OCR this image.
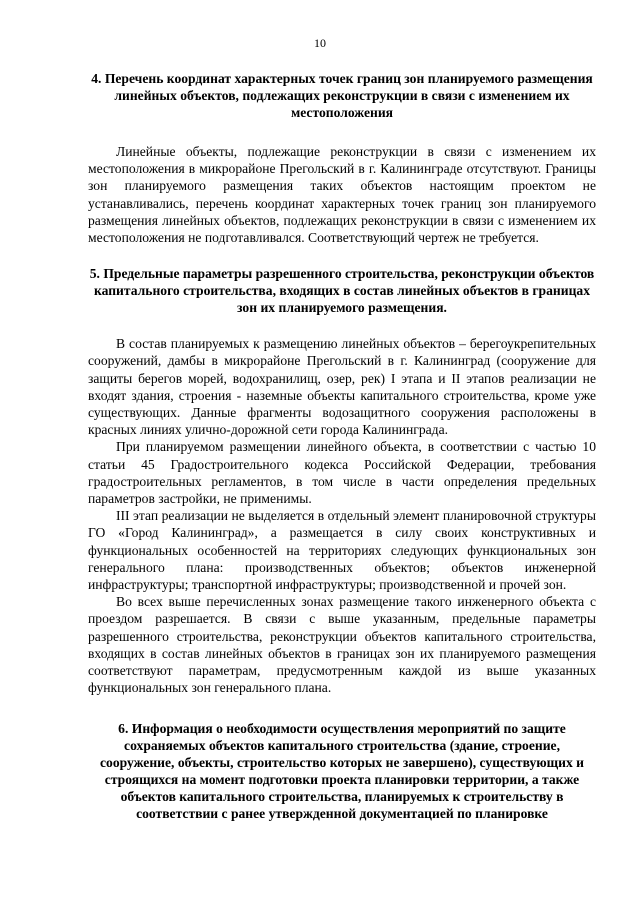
10

4. Перечень координат характерных точек границ зон планируемого размещения линейных объектов, подлежащих реконструкции в связи с изменением их местоположения

Линейные объекты, подлежащие реконструкции в связи с изменением их местоположения в микрорайоне Прегольский в г. Калининграде отсутствуют. Границы зон планируемого размещения таких объектов настоящим проектом не устанавливались, перечень координат характерных точек границ зон планируемого размещения линейных объектов, подлежащих реконструкции в связи с изменением их местоположения не подготавливался. Соответствующий чертеж не требуется.

5. Предельные параметры разрешенного строительства, реконструкции объектов капитального строительства, входящих в состав линейных объектов в границах зон их планируемого размещения.

В состав планируемых к размещению линейных объектов – берегоукрепительных сооружений, дамбы в микрорайоне Прегольский в г. Калининград (сооружение для защиты берегов морей, водохранилищ, озер, рек) I этапа и II этапов реализации не входят здания, строения - наземные объекты капитального строительства, кроме уже существующих. Данные фрагменты водозащитного сооружения расположены в красных линиях улично-дорожной сети города Калининграда.

При планируемом размещении линейного объекта, в соответствии с частью 10 статьи 45 Градостроительного кодекса Российской Федерации, требования градостроительных регламентов, в том числе в части определения предельных параметров застройки, не применимы.

III этап реализации не выделяется в отдельный элемент планировочной структуры ГО «Город Калининград», а размещается в силу своих конструктивных и функциональных особенностей на территориях следующих функциональных зон генерального плана: производственных объектов; объектов инженерной инфраструктуры; транспортной инфраструктуры; производственной и прочей зон.

Во всех выше перечисленных зонах размещение такого инженерного объекта с проездом разрешается. В связи с выше указанным, предельные параметры разрешенного строительства, реконструкции объектов капитального строительства, входящих в состав линейных объектов в границах зон их планируемого размещения соответствуют параметрам, предусмотренным каждой из выше указанных функциональных зон генерального плана.

6. Информация о необходимости осуществления мероприятий по защите сохраняемых объектов капитального строительства (здание, строение, сооружение, объекты, строительство которых не завершено), существующих и строящихся на момент подготовки проекта планировки территории, а также объектов капитального строительства, планируемых к строительству в соответствии с ранее утвержденной документацией по планировке
